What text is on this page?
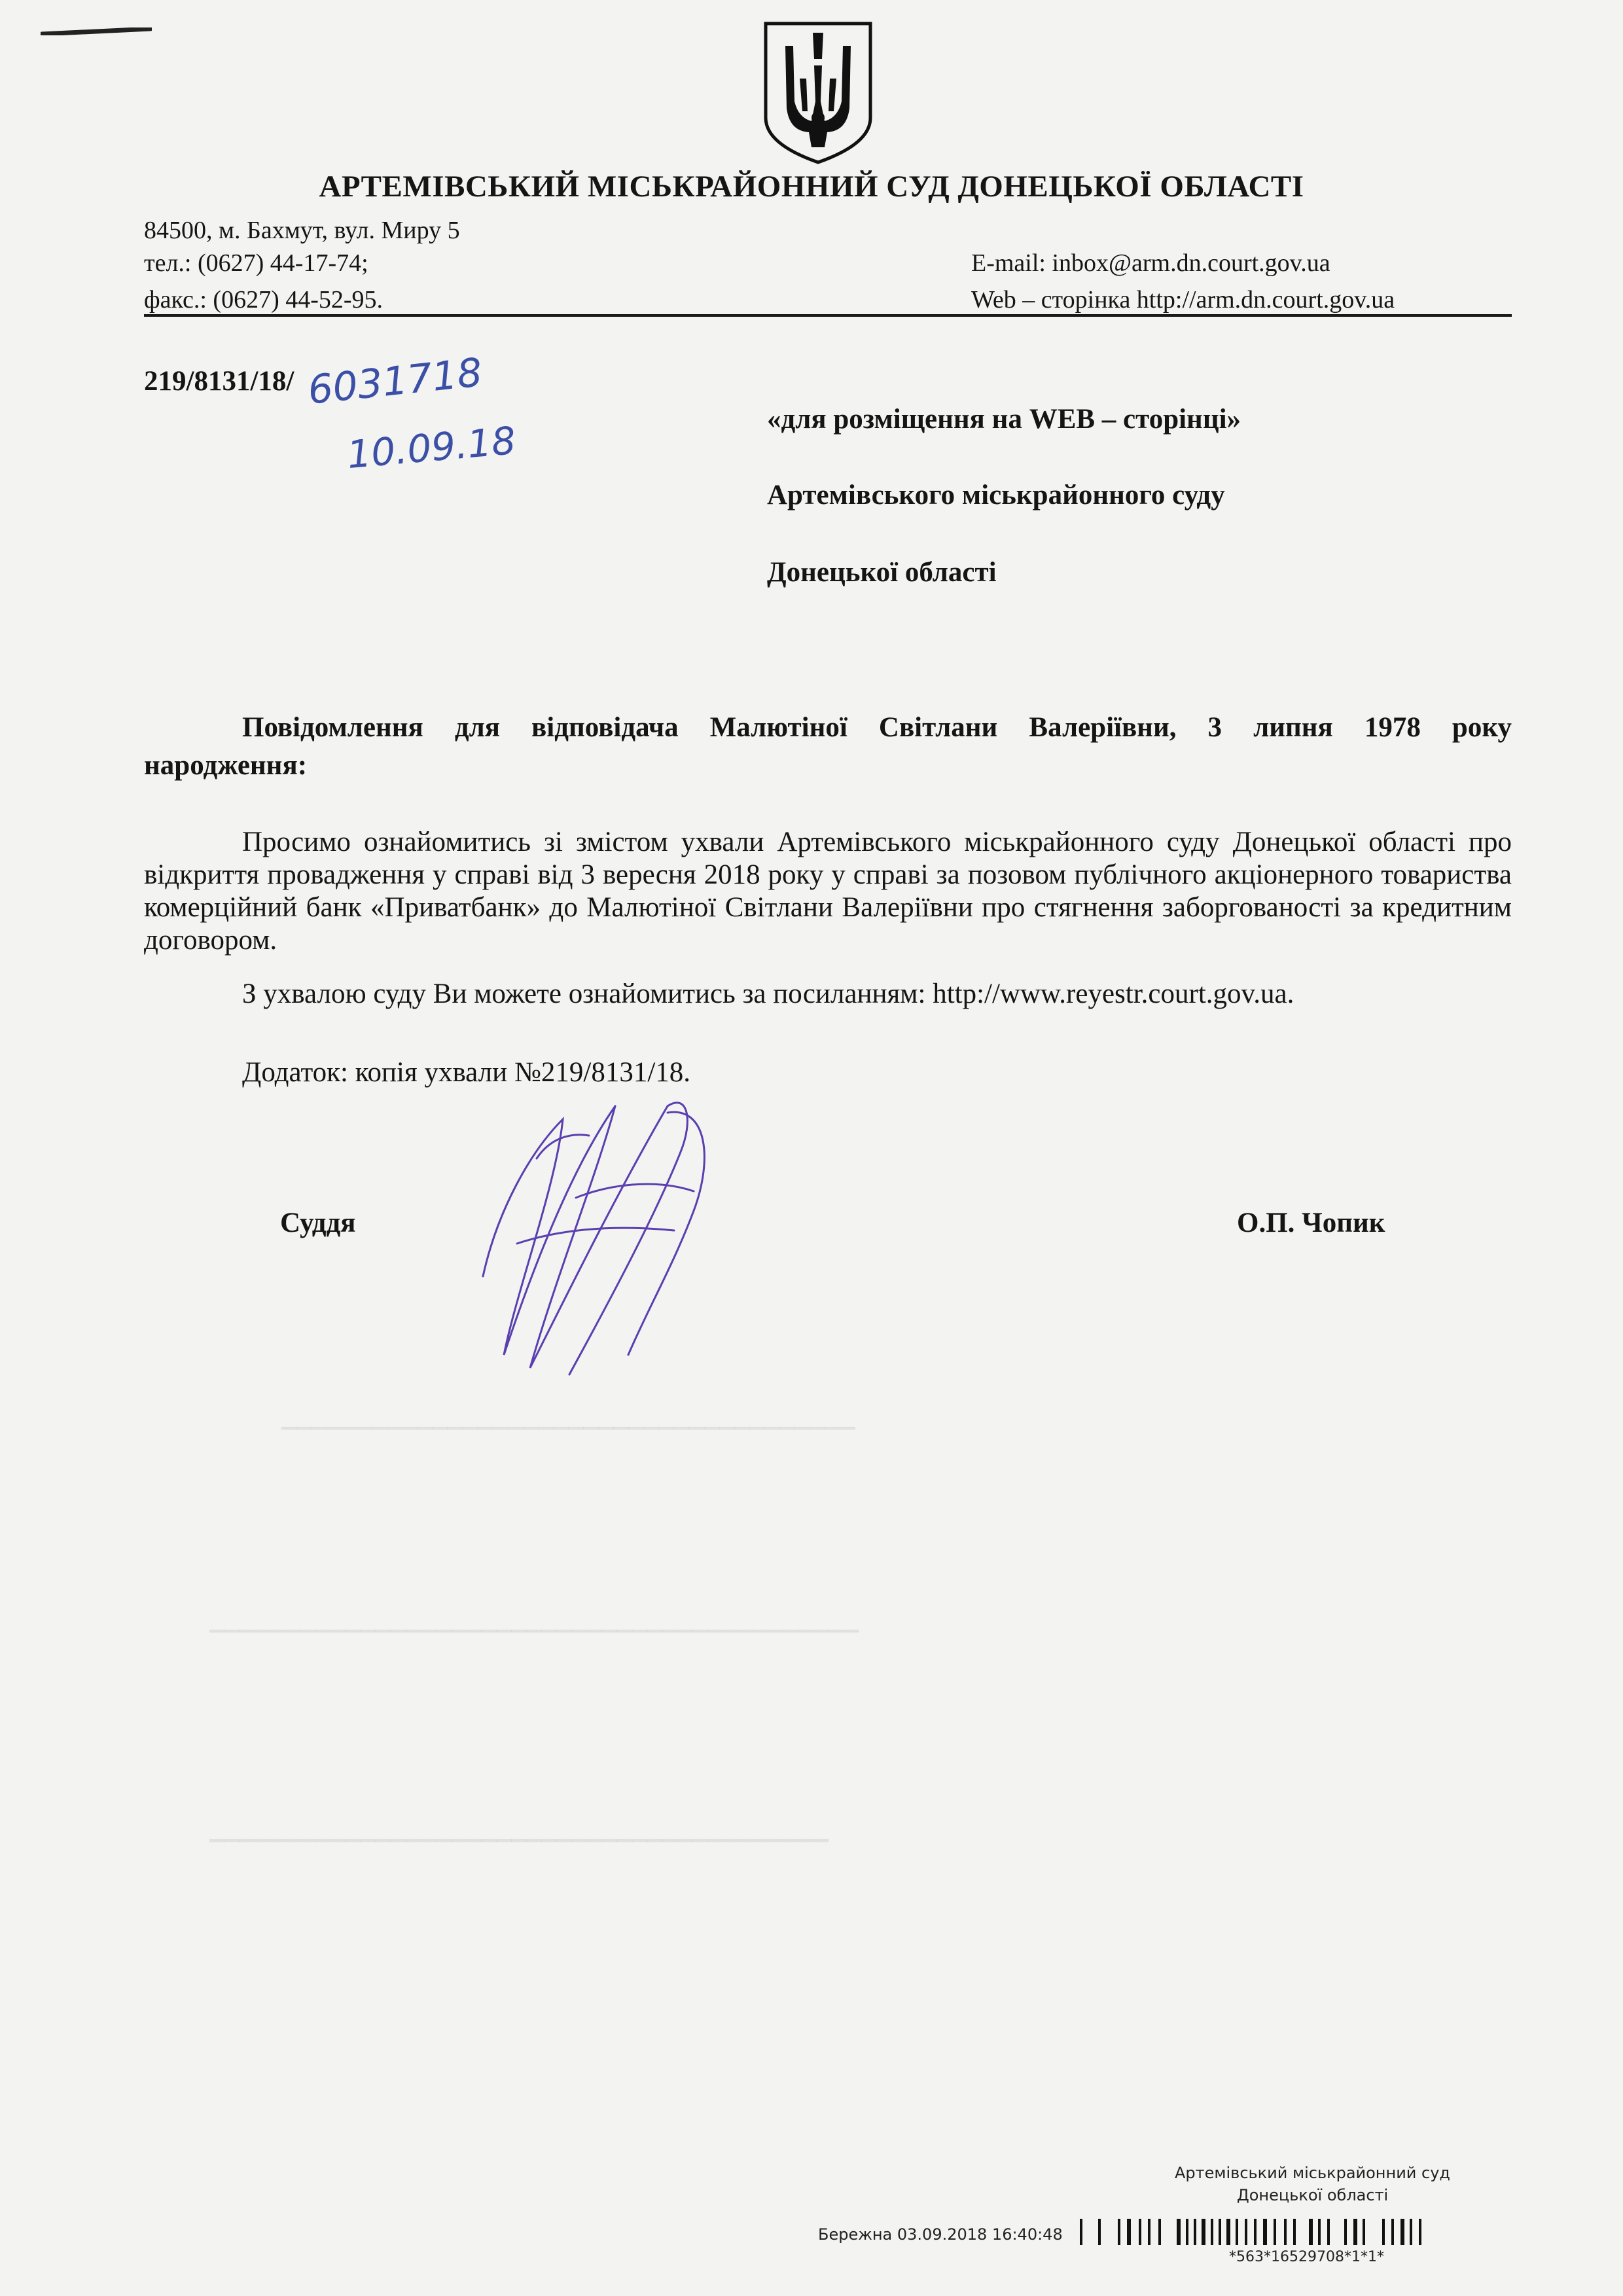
АРТЕМІВСЬКИЙ МІСЬКРАЙОННИЙ СУД ДОНЕЦЬКОЇ ОБЛАСТІ
84500, м. Бахмут, вул. Миру 5
тел.: (0627) 44-17-74;
факс.: (0627) 44-52-95.
E-mail: inbox@arm.dn.court.gov.ua
Web – сторінка http://arm.dn.court.gov.ua
219/8131/18/ 6031718
10.09.18	«для розміщення на WEB – сторінці»
Артемівського міськрайонного суду
Донецької області
▁▁▁▁▁▁▁▁▁▁▁▁▁▁▁▁▁▁▁▁▁▁▁▁▁▁▁▁▁▁▁▁▁▁▁▁▁▁
▁▁▁▁▁▁▁▁▁▁▁▁▁▁▁▁▁▁▁▁▁▁▁▁▁▁▁▁▁▁▁▁▁▁▁▁▁▁▁▁▁▁▁
▁▁▁▁▁▁▁▁▁▁▁▁▁▁▁▁▁▁▁▁▁▁▁▁▁▁▁▁▁▁▁▁▁▁▁▁▁▁▁▁▁
Повідомлення для відповідача Малютіної Світлани Валеріївни, 3 липня 1978 року
народження:
Просимо ознайомитись зі змістом ухвали Артемівського міськрайонного суду Донецької області про відкриття провадження у справі від 3 вересня 2018 року у справі за позовом публічного акціонерного товариства комерційний банк «Приватбанк» до Малютіної Світлани Валеріївни про стягнення заборгованості за кредитним договором.
З ухвалою суду Ви можете ознайомитись за посиланням: http://www.reyestr.court.gov.ua.
Додаток: копія ухвали №219/8131/18.
Суддя	О.П. Чопик
Артемівський міськрайонний суд
Донецької області
Бережна 03.09.2018 16:40:48
*563*16529708*1*1*
